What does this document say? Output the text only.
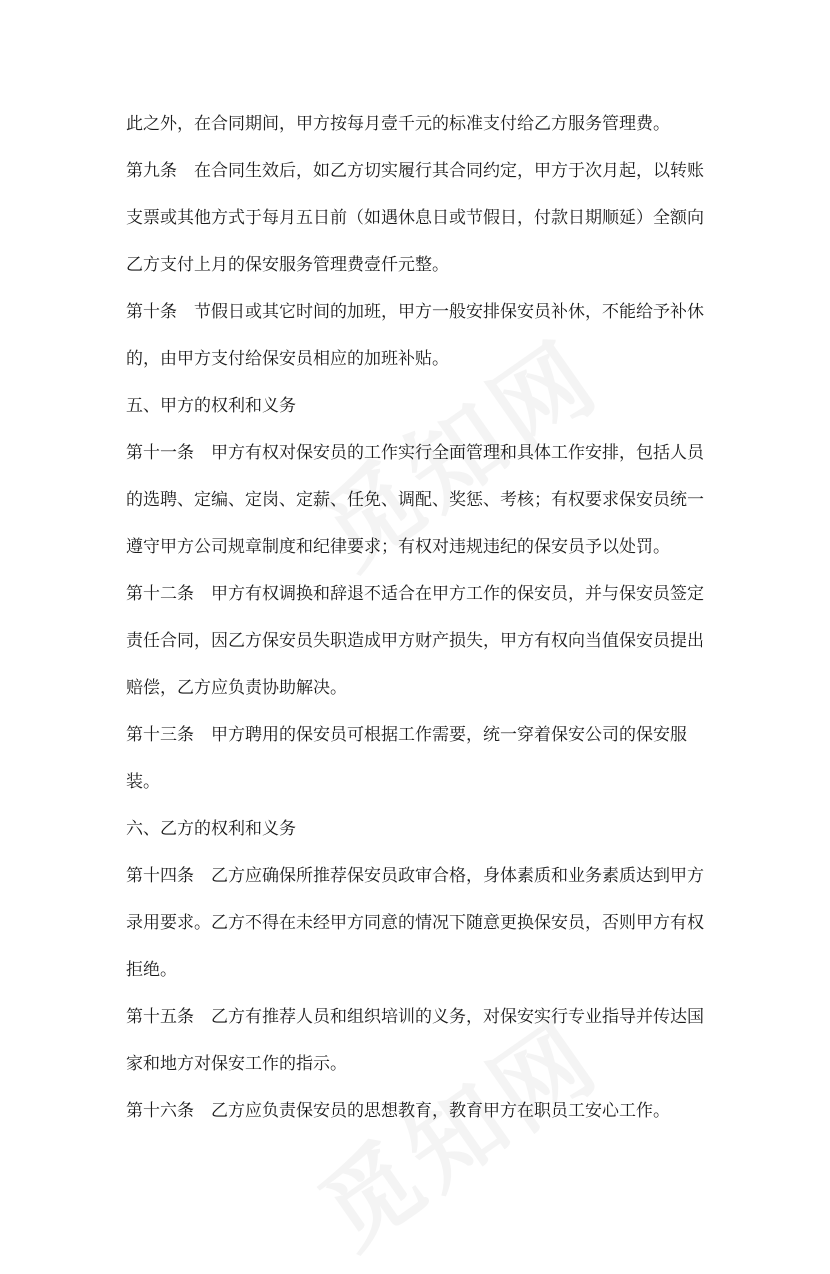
此之外，在合同期间，甲方按每月壹千元的标准支付给乙方服务管理费。
第九条 在合同生效后，如乙方切实履行其合同约定，甲方于次月起，以转账
支票或其他方式于每月五日前（如遇休息日或节假日，付款日期顺延）全额向
乙方支付上月的保安服务管理费壹仟元整。
第十条 节假日或其它时间的加班，甲方一般安排保安员补休，不能给予补休
的，由甲方支付给保安员相应的加班补贴。
五、甲方的权利和义务
第十一条 甲方有权对保安员的工作实行全面管理和具体工作安排，包括人员
的选聘、定编、定岗、定薪、任免、调配、奖惩、考核；有权要求保安员统一
遵守甲方公司规章制度和纪律要求；有权对违规违纪的保安员予以处罚。
第十二条 甲方有权调换和辞退不适合在甲方工作的保安员，并与保安员签定
责任合同，因乙方保安员失职造成甲方财产损失，甲方有权向当值保安员提出
赔偿，乙方应负责协助解决。
第十三条 甲方聘用的保安员可根据工作需要，统一穿着保安公司的保安服
装。
六、乙方的权利和义务
第十四条 乙方应确保所推荐保安员政审合格，身体素质和业务素质达到甲方
录用要求。乙方不得在未经甲方同意的情况下随意更换保安员，否则甲方有权
拒绝。
第十五条 乙方有推荐人员和组织培训的义务，对保安实行专业指导并传达国
家和地方对保安工作的指示。
第十六条 乙方应负责保安员的思想教育，教育甲方在职员工安心工作。
